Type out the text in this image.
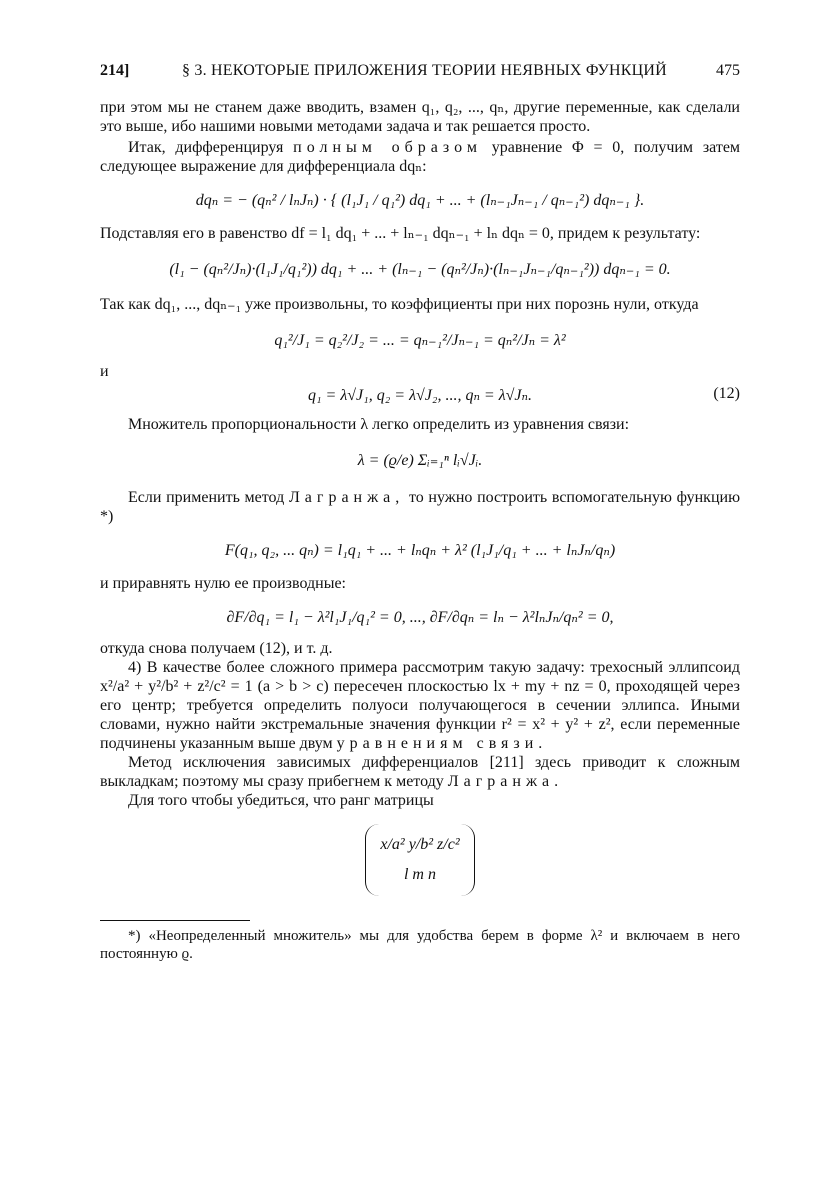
214]	§ 3. НЕКОТОРЫЕ ПРИЛОЖЕНИЯ ТЕОРИИ НЕЯВНЫХ ФУНКЦИЙ	475

при этом мы не станем даже вводить, взамен q₁, q₂, ..., qₙ, другие переменные, как сделали это выше, ибо нашими новыми методами задача и так решается просто.

Итак, дифференцируя полным образом уравнение Φ = 0, получим затем следующее выражение для дифференциала dqₙ:

dqₙ = − (qₙ² / lₙJₙ) · { (l₁J₁ / q₁²) dq₁ + ... + (lₙ₋₁Jₙ₋₁ / qₙ₋₁²) dqₙ₋₁ }.

Подставляя его в равенство df = l₁ dq₁ + ... + lₙ₋₁ dqₙ₋₁ + lₙ dqₙ = 0, придем к результату:

(l₁ − (qₙ²/Jₙ)·(l₁J₁/q₁²)) dq₁ + ... + (lₙ₋₁ − (qₙ²/Jₙ)·(lₙ₋₁Jₙ₋₁/qₙ₋₁²)) dqₙ₋₁ = 0.

Так как dq₁, ..., dqₙ₋₁ уже произвольны, то коэффициенты при них порознь нули, откуда

q₁²/J₁ = q₂²/J₂ = ... = qₙ₋₁²/Jₙ₋₁ = qₙ²/Jₙ = λ²

и

q₁ = λ√J₁, q₂ = λ√J₂, ..., qₙ = λ√Jₙ.	(12)

Множитель пропорциональности λ легко определить из уравнения связи:

λ = (ϱ/e) Σᵢ₌₁ⁿ lᵢ√Jᵢ.

Если применить метод Лагранжа, то нужно построить вспомогательную функцию *)

F(q₁, q₂, ... qₙ) = l₁q₁ + ... + lₙqₙ + λ² (l₁J₁/q₁ + ... + lₙJₙ/qₙ)

и приравнять нулю ее производные:

∂F/∂q₁ = l₁ − λ²l₁J₁/q₁² = 0, ..., ∂F/∂qₙ = lₙ − λ²lₙJₙ/qₙ² = 0,

откуда снова получаем (12), и т. д.

4) В качестве более сложного примера рассмотрим такую задачу: трехосный эллипсоид x²/a² + y²/b² + z²/c² = 1 (a > b > c) пересечен плоскостью lx + my + nz = 0, проходящей через его центр; требуется определить полуоси получающегося в сечении эллипса. Иными словами, нужно найти экстремальные значения функции r² = x² + y² + z², если переменные подчинены указанным выше двум уравнениям связи.

Метод исключения зависимых дифференциалов [211] здесь приводит к сложным выкладкам; поэтому мы сразу прибегнем к методу Лагранжа.

Для того чтобы убедиться, что ранг матрицы

x/a² y/b² z/c²
l m n

*) «Неопределенный множитель» мы для удобства берем в форме λ² и включаем в него постоянную ϱ.
